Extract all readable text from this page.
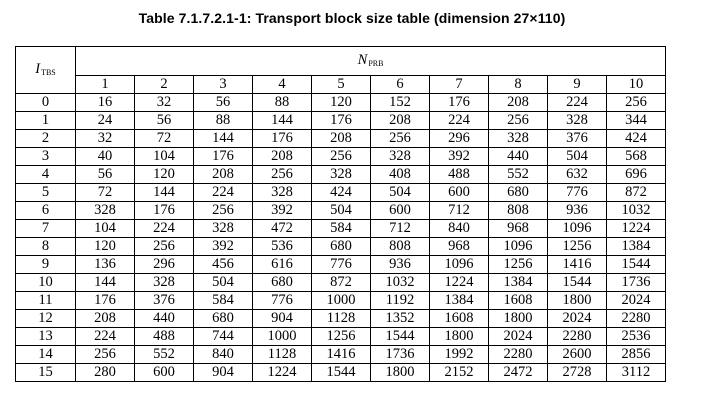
Table 7.1.7.2.1-1: Transport block size table (dimension 27×110)
ITBS	NPRB									
	1	2	3	4	5	6	7	8	9	10
0	16	32	56	88	120	152	176	208	224	256
1	24	56	88	144	176	208	224	256	328	344
2	32	72	144	176	208	256	296	328	376	424
3	40	104	176	208	256	328	392	440	504	568
4	56	120	208	256	328	408	488	552	632	696
5	72	144	224	328	424	504	600	680	776	872
6	328	176	256	392	504	600	712	808	936	1032
7	104	224	328	472	584	712	840	968	1096	1224
8	120	256	392	536	680	808	968	1096	1256	1384
9	136	296	456	616	776	936	1096	1256	1416	1544
10	144	328	504	680	872	1032	1224	1384	1544	1736
11	176	376	584	776	1000	1192	1384	1608	1800	2024
12	208	440	680	904	1128	1352	1608	1800	2024	2280
13	224	488	744	1000	1256	1544	1800	2024	2280	2536
14	256	552	840	1128	1416	1736	1992	2280	2600	2856
15	280	600	904	1224	1544	1800	2152	2472	2728	3112
